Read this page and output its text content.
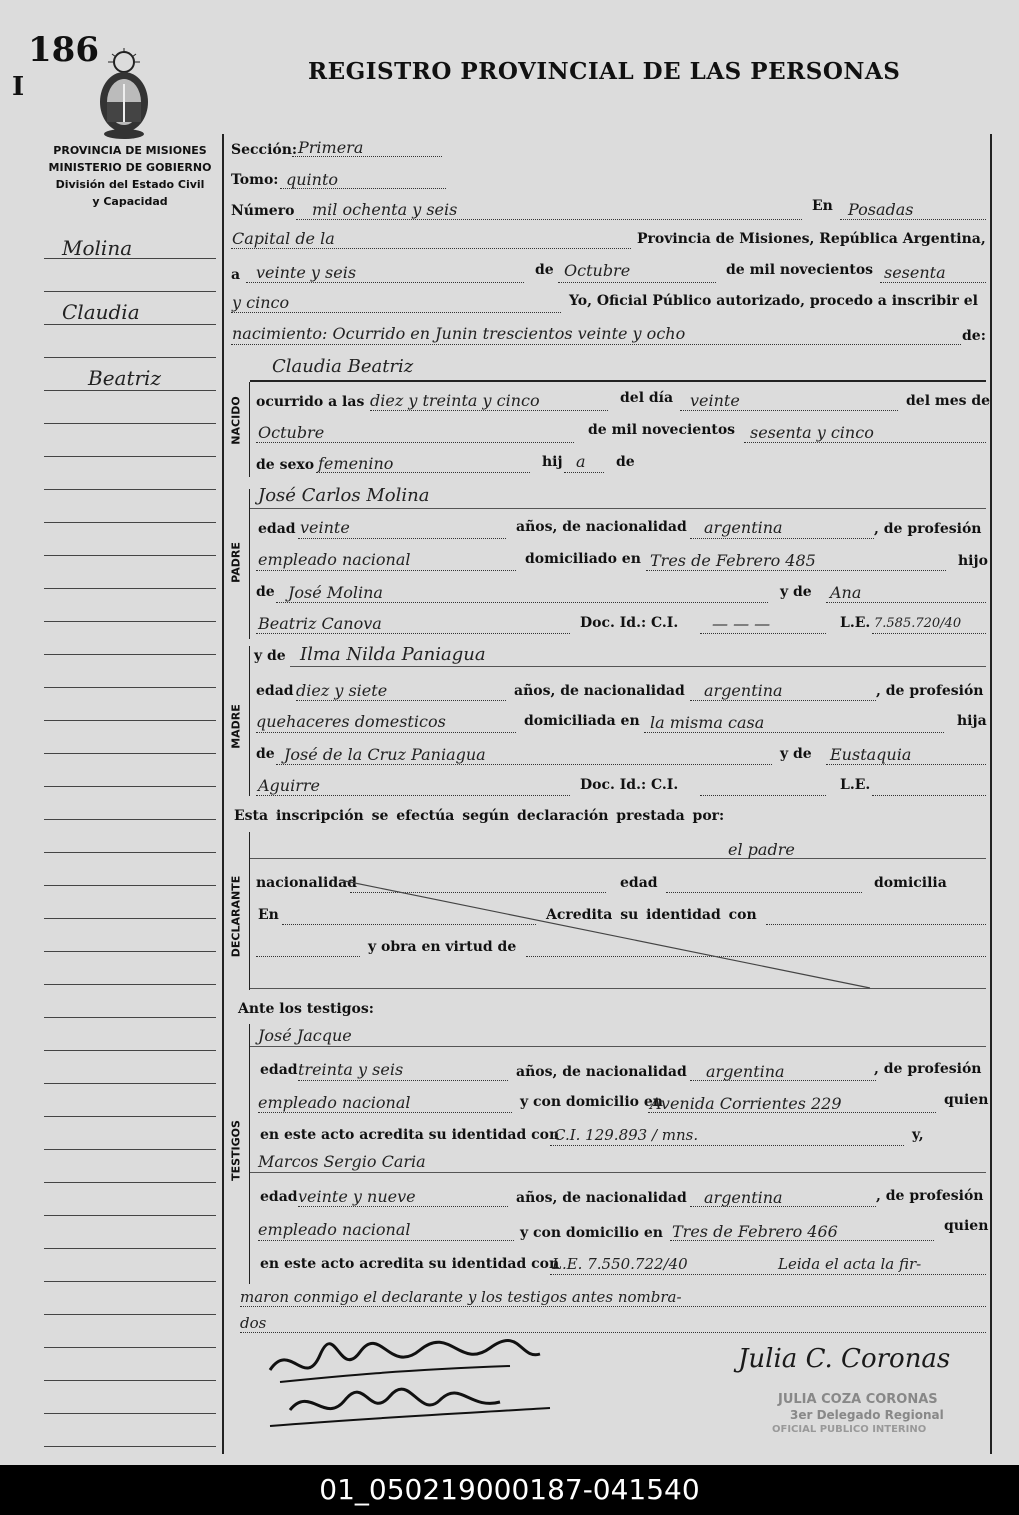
186
I
REGISTRO PROVINCIAL DE LAS PERSONAS
PROVINCIA DE MISIONES
MINISTERIO DE GOBIERNO
División del Estado Civil
y Capacidad
Molina
Claudia
Beatriz
NACIDO
PADRE
MADRE
DECLARANTE
TESTIGOS
Sección: Primera
Tomo: quinto
Número mil ochenta y seis	En Posadas
Capital de la	Provincia de Misiones, República Argentina,
a veinte y seis	de Octubre	de mil novecientos sesenta
y cinco	Yo, Oficial Público autorizado, procedo a inscribir el
nacimiento: Ocurrido en Junin trescientos veinte y ocho	de:
Claudia Beatriz
ocurrido a las diez y treinta y cinco	del día veinte	del mes de
Octubre	de mil novecientos sesenta y cinco
de sexo femenino	hij a de
José Carlos Molina
edad veinte	años, de nacionalidad argentina	, de profesión
empleado nacional	domiciliado en Tres de Febrero 485	hijo
de José Molina	y de Ana
Beatriz Canova	Doc. Id.: C.I. — — —	L.E. 7.585.720/40
y de Ilma Nilda Paniagua
edad diez y siete	años, de nacionalidad argentina	, de profesión
quehaceres domesticos	domiciliada en la misma casa	hija
de José de la Cruz Paniagua	y de Eustaquia
Aguirre	Doc. Id.: C.I.	L.E.
Esta inscripción se efectúa según declaración prestada por:
el padre
nacionalidad	edad	domicilia
En	Acredita su identidad con
y obra en virtud de
Ante los testigos:
José Jacque
edad treinta y seis	años, de nacionalidad argentina	, de profesión
empleado nacional	y con domicilio en
Avenida Corrientes 229	quien
en este acto acredita su identidad con
C.I. 129.893 / mns.	y,
Marcos Sergio Caria
edad veinte y nueve	años, de nacionalidad argentina	, de profesión
empleado nacional	y con domicilio en Tres de Febrero 466	quien
en este acto acredita su identidad con
L.E. 7.550.722/40	Leida el acta la fir-
maron conmigo el declarante y los testigos antes nombra-
dos
Julia C. Coronas
JULIA COZA CORONAS
3er Delegado Regional
OFICIAL PUBLICO INTERINO
01_050219000187-041540
